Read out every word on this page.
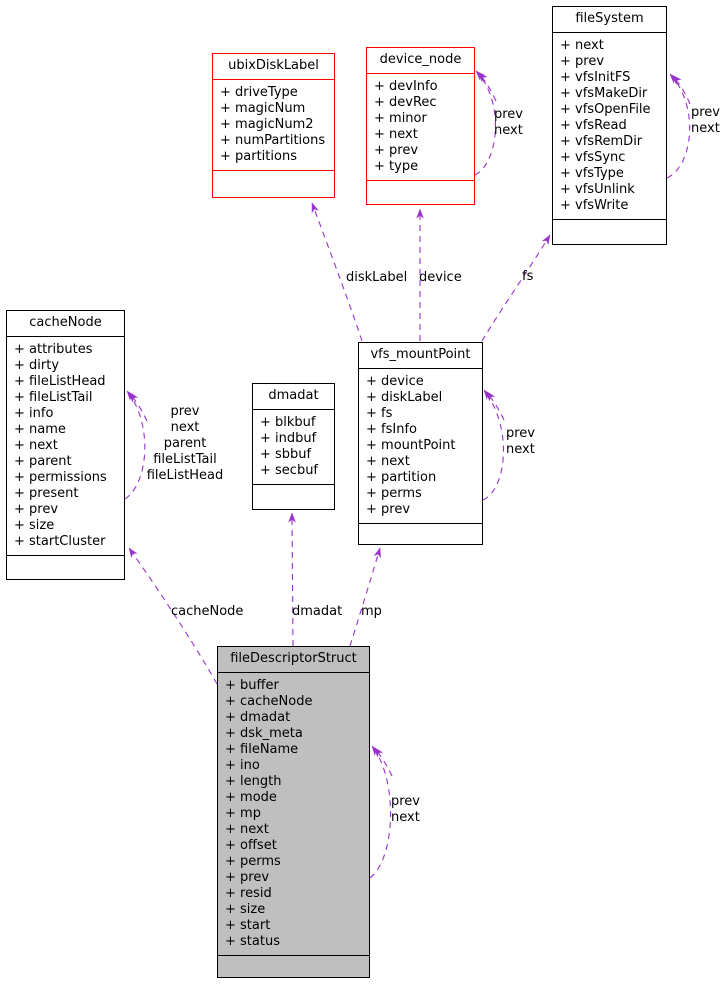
ubixDiskLabel
+ driveType
+ magicNum
+ magicNum2
+ numPartitions
+ partitions
device_node
+ devInfo
+ devRec
+ minor
+ next
+ prev
+ type
fileSystem
+ next
+ prev
+ vfsInitFS
+ vfsMakeDir
+ vfsOpenFile
+ vfsRead
+ vfsRemDir
+ vfsSync
+ vfsType
+ vfsUnlink
+ vfsWrite
cacheNode
+ attributes
+ dirty
+ fileListHead
+ fileListTail
+ info
+ name
+ next
+ parent
+ permissions
+ present
+ prev
+ size
+ startCluster
dmadat
+ blkbuf
+ indbuf
+ sbbuf
+ secbuf
vfs_mountPoint
+ device
+ diskLabel
+ fs
+ fsInfo
+ mountPoint
+ next
+ partition
+ perms
+ prev
fileDescriptorStruct
+ buffer
+ cacheNode
+ dmadat
+ dsk_meta
+ fileName
+ ino
+ length
+ mode
+ mp
+ next
+ offset
+ perms
+ prev
+ resid
+ size
+ start
+ status
diskLabel device	fs
cacheNode	dmadat mp
prev
next
prev
next
prev
next
prev
next
parent
fileListTail
fileListHead
prev
next
